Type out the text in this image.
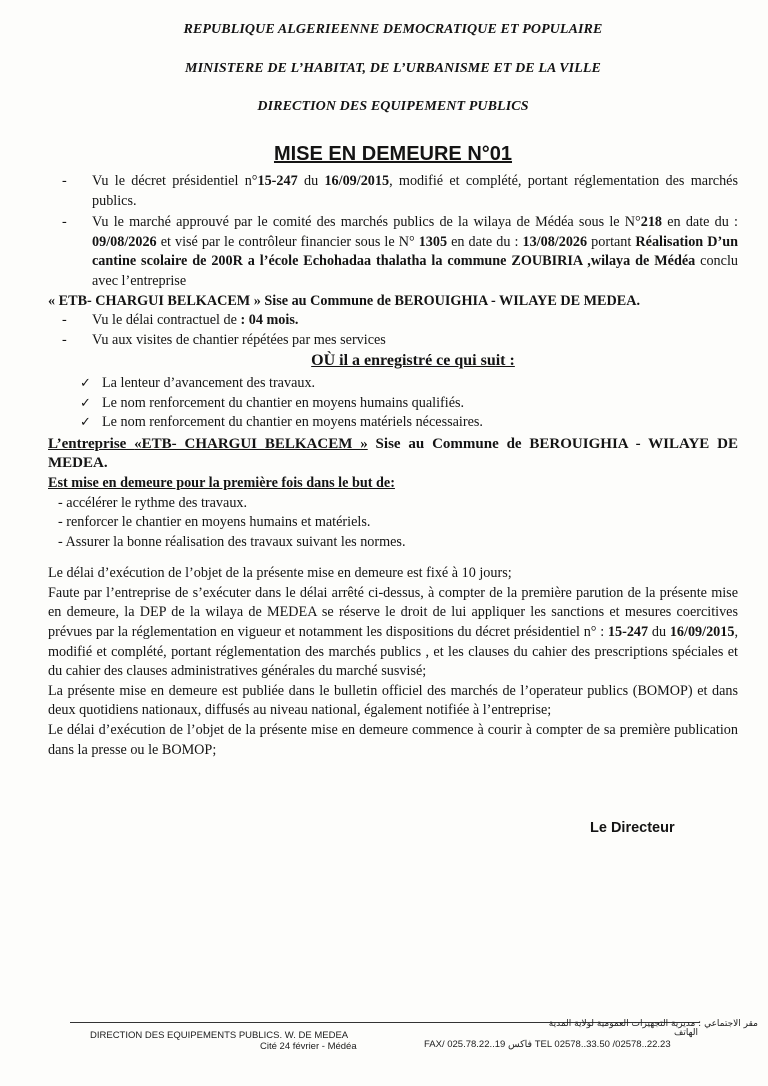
REPUBLIQUE ALGERIEENNE DEMOCRATIQUE ET POPULAIRE
MINISTERE DE L’HABITAT, DE L’URBANISME ET DE LA VILLE
DIRECTION DES EQUIPEMENT PUBLICS
MISE EN DEMEURE N°01
- Vu le décret présidentiel n°15-247 du 16/09/2015, modifié et complété, portant réglementation des marchés publics.
- Vu le marché approuvé par le comité des marchés publics de la wilaya de Médéa sous le N°218 en date du : 09/08/2026 et visé par le contrôleur financier sous le N° 1305 en date du : 13/08/2026 portant Réalisation D’un cantine scolaire de 200R a l’école Echohadaa thalatha la commune ZOUBIRIA ,wilaya de Médéa conclu avec l’entreprise
« ETB- CHARGUI BELKACEM » Sise au Commune de BEROUIGHIA - WILAYE DE MEDEA.
- Vu le délai contractuel de : 04 mois.
- Vu aux visites de chantier répétées par mes services
OÙ il a enregistré ce qui suit :
✓ La lenteur d’avancement des travaux.
✓ Le nom renforcement du chantier en moyens humains qualifiés.
✓ Le nom renforcement du chantier en moyens matériels nécessaires.
L’entreprise «ETB- CHARGUI BELKACEM » Sise au Commune de BEROUIGHIA - WILAYE DE MEDEA.
Est mise en demeure pour la première fois dans le but de:
- accélérer le rythme des travaux.
- renforcer le chantier en moyens humains et matériels.
- Assurer la bonne réalisation des travaux suivant les normes.
Le délai d’exécution de l’objet de la présente mise en demeure est fixé à 10 jours;
Faute par l’entreprise de s’exécuter dans le délai arrêté ci-dessus, à compter de la première parution de la présente mise en demeure, la DEP de la wilaya de MEDEA se réserve le droit de lui appliquer les sanctions et mesures coercitives prévues par la réglementation en vigueur et notamment les dispositions du décret présidentiel n° : 15-247 du 16/09/2015, modifié et complété, portant réglementation des marchés publics , et les clauses du cahier des prescriptions spéciales et du cahier des clauses administratives générales du marché susvisé;
La présente mise en demeure est publiée dans le bulletin officiel des marchés de l’operateur publics (BOMOP) et dans deux quotidiens nationaux, diffusés au niveau national, également notifiée à l’entreprise;
Le délai d’exécution de l’objet de la présente mise en demeure commence à courir à compter de sa première publication dans la presse ou le BOMOP;
Le Directeur
DIRECTION DES EQUIPEMENTS PUBLICS. W. DE MEDEA
Cité 24 février - Médéa	FAX/ 025.78.22..19 فاكس TEL 02578..33.50 /02578..22.23
مقر الاجتماعي : مديرية التجهيزات العمومية لولاية المدية
الهاتف
